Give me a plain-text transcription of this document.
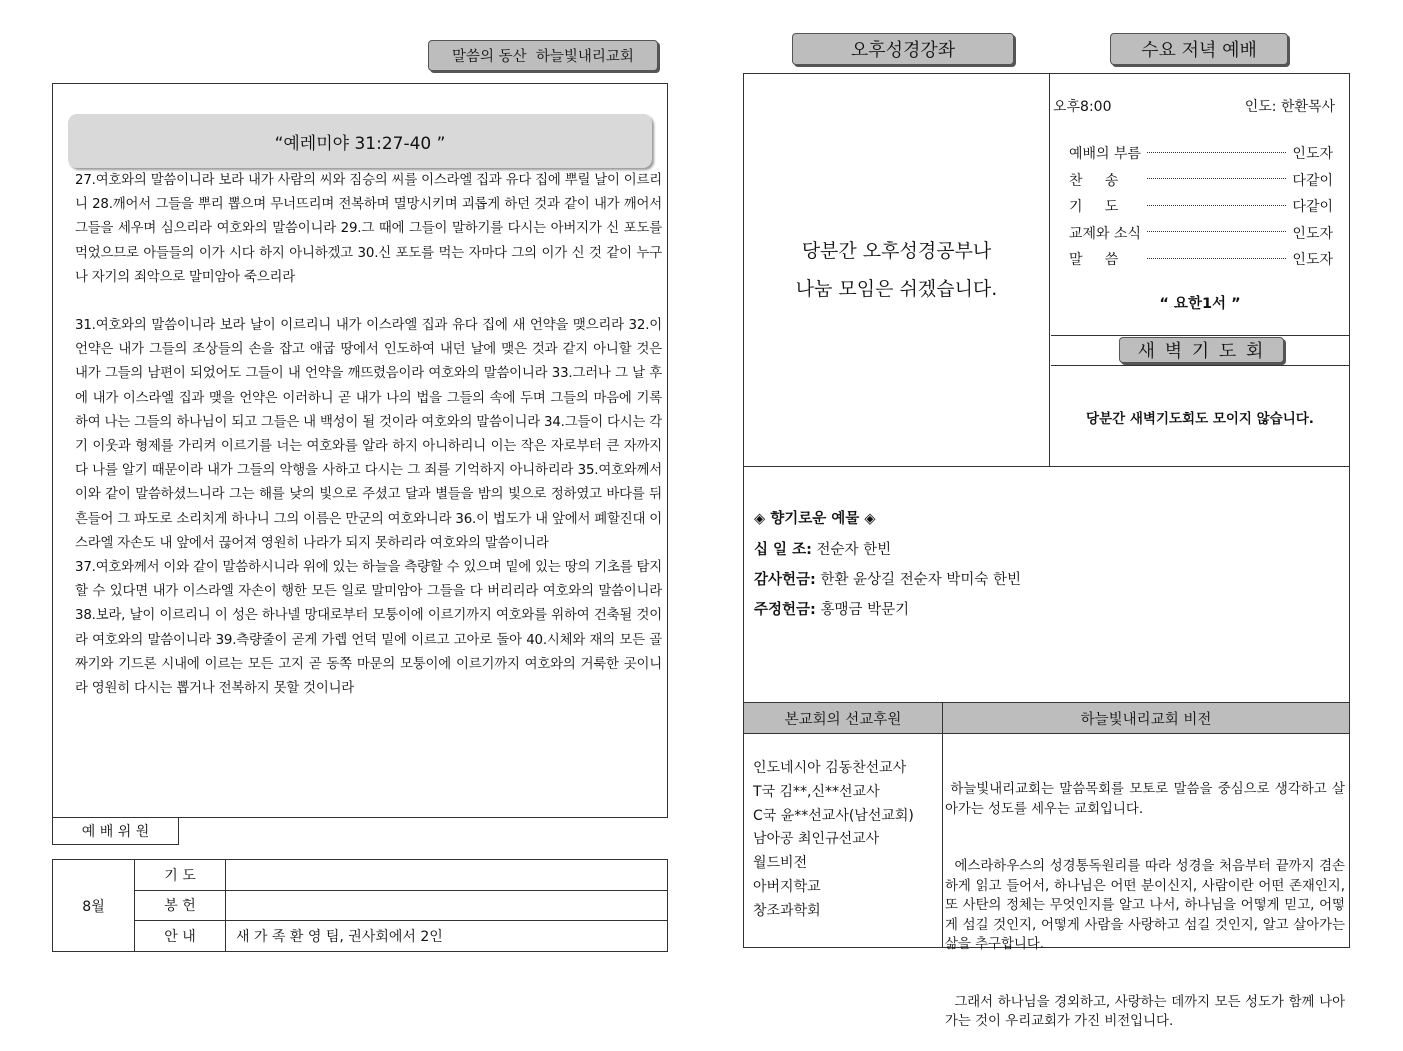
말씀의 동산  하늘빛내리교회
“예레미야 31:27-40 ”

27.여호와의 말씀이니라 보라 내가 사람의 씨와 짐승의 씨를 이스라엘 집과 유다 집에 뿌릴 날이 이르리니 28.깨어서 그들을 뿌리 뽑으며 무너뜨리며 전복하며 멸망시키며 괴롭게 하던 것과 같이 내가 깨어서 그들을 세우며 심으리라 여호와의 말씀이니라 29.그 때에 그들이 말하기를 다시는 아버지가 신 포도를 먹었으므로 아들들의 이가 시다 하지 아니하겠고 30.신 포도를 먹는 자마다 그의 이가 신 것 같이 누구나 자기의 죄악으로 말미암아 죽으리라

31.여호와의 말씀이니라 보라 날이 이르리니 내가 이스라엘 집과 유다 집에 새 언약을 맺으리라 32.이 언약은 내가 그들의 조상들의 손을 잡고 애굽 땅에서 인도하여 내던 날에 맺은 것과 같지 아니할 것은 내가 그들의 남편이 되었어도 그들이 내 언약을 깨뜨렸음이라 여호와의 말씀이니라 33.그러나 그 날 후에 내가 이스라엘 집과 맺을 언약은 이러하니 곧 내가 나의 법을 그들의 속에 두며 그들의 마음에 기록하여 나는 그들의 하나님이 되고 그들은 내 백성이 될 것이라 여호와의 말씀이니라 34.그들이 다시는 각기 이웃과 형제를 가리켜 이르기를 너는 여호와를 알라 하지 아니하리니 이는 작은 자로부터 큰 자까지 다 나를 알기 때문이라 내가 그들의 악행을 사하고 다시는 그 죄를 기억하지 아니하리라 35.여호와께서 이와 같이 말씀하셨느니라 그는 해를 낮의 빛으로 주셨고 달과 별들을 밤의 빛으로 정하였고 바다를 뒤흔들어 그 파도로 소리치게 하나니 그의 이름은 만군의 여호와니라 36.이 법도가 내 앞에서 폐할진대 이스라엘 자손도 내 앞에서 끊어져 영원히 나라가 되지 못하리라 여호와의 말씀이니라

37.여호와께서 이와 같이 말씀하시니라 위에 있는 하늘을 측량할 수 있으며 밑에 있는 땅의 기초를 탐지할 수 있다면 내가 이스라엘 자손이 행한 모든 일로 말미암아 그들을 다 버리리라 여호와의 말씀이니라 38.보라, 날이 이르리니 이 성은 하나넬 망대로부터 모퉁이에 이르기까지 여호와를 위하여 건축될 것이라 여호와의 말씀이니라 39.측량줄이 곧게 가렙 언덕 밑에 이르고 고아로 돌아 40.시체와 재의 모든 골짜기와 기드론 시내에 이르는 모든 고지 곧 동쪽 마문의 모퉁이에 이르기까지 여호와의 거룩한 곳이니라 영원히 다시는 뽑거나 전복하지 못할 것이니라

예 배 위 원
8월	기 도	
	봉 헌	
	안 내	새 가 족 환 영 팀, 권사회에서 2인
오후성경강좌	수요 저녁 예배
당분간 오후성경공부나
나눔 모임은 쉬겠습니다.
오후8:00	인도: 한환목사
예배의 부름	인도자
찬     송	다같이
기     도	다같이
교제와 소식	인도자
말     씀	인도자
“ 요한1서 ”
새 벽 기 도 회
당분간 새벽기도회도 모이지 않습니다.
◈ 향기로운 예물 ◈
십 일 조: 전순자 한빈
감사헌금: 한환 윤상길 전순자 박미숙 한빈
주정헌금: 홍맹금 박문기
본교회의 선교후원	하늘빛내리교회 비전
인도네시아 김동찬선교사
T국 김**,신**선교사
C국 윤**선교사(남선교회)
남아공 최인규선교사
월드비전
아버지학교
창조과학회

하늘빛내리교회는 말씀목회를 모토로 말씀을 중심으로 생각하고 살아가는 성도를 세우는 교회입니다.

에스라하우스의 성경통독원리를 따라 성경을 처음부터 끝까지 겸손하게 읽고 들어서, 하나님은 어떤 분이신지, 사람이란 어떤 존재인지, 또 사탄의 정체는 무엇인지를 알고 나서, 하나님을 어떻게 믿고, 어떻게 섬길 것인지, 어떻게 사람을 사랑하고 섬길 것인지, 알고 살아가는 삶을 추구합니다.

그래서 하나님을 경외하고, 사랑하는 데까지 모든 성도가 함께 나아가는 것이 우리교회가 가진 비전입니다.
